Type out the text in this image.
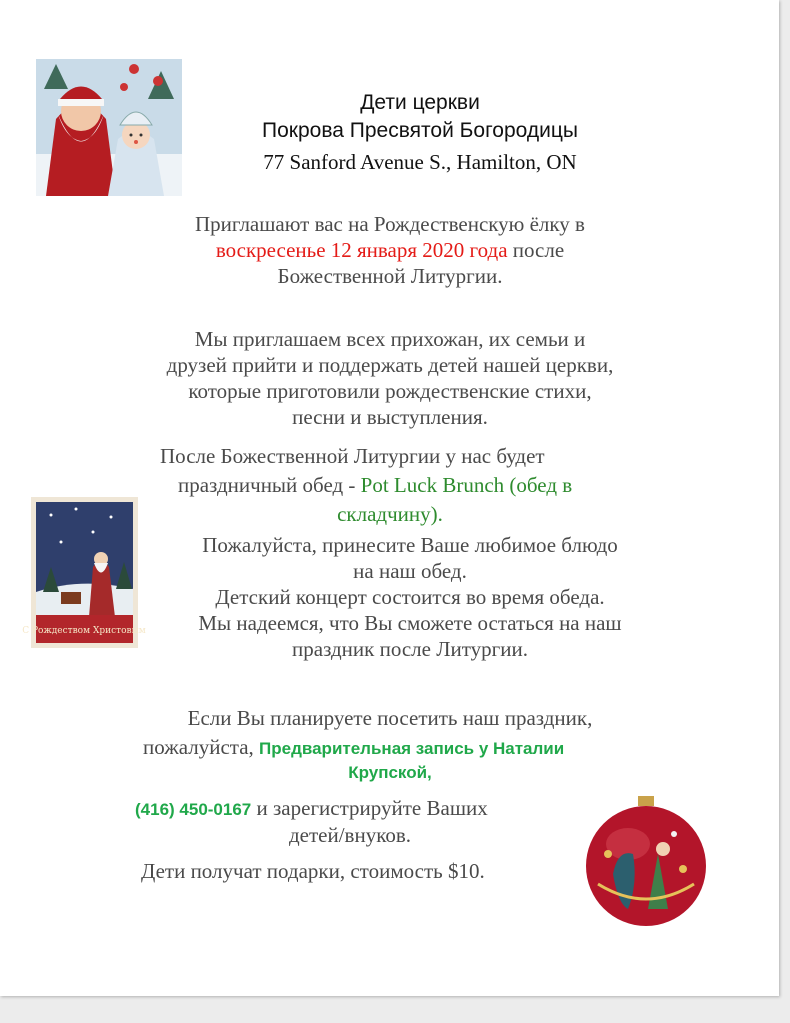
Дети церкви
Покрова Пресвятой Богородицы
77 Sanford Avenue S., Hamilton, ON
Приглашают вас на Рождественскую ёлку в
воскресенье 12 января 2020 года после
Божественной Литургии.
Мы приглашаем всех прихожан, их семьи и
друзей прийти и поддержать детей нашей церкви,
которые приготовили рождественские стихи,
песни и выступления.
После Божественной Литургии у нас будет
праздничный обед - Pot Luck Brunch (обед в
складчину).
С Рождеством Христовым
Пожалуйста, принесите Ваше любимое блюдо
на наш обед.
Детский концерт состоится во время обеда.
Мы надеемся, что Вы сможете остаться на наш
праздник после Литургии.
Если Вы планируете посетить наш праздник,
пожалуйста, Предварительная запись у Наталии
Крупской,
(416) 450-0167 и зарегистрируйте Ваших
детей/внуков.
Дети получат подарки, стоимость $10.
